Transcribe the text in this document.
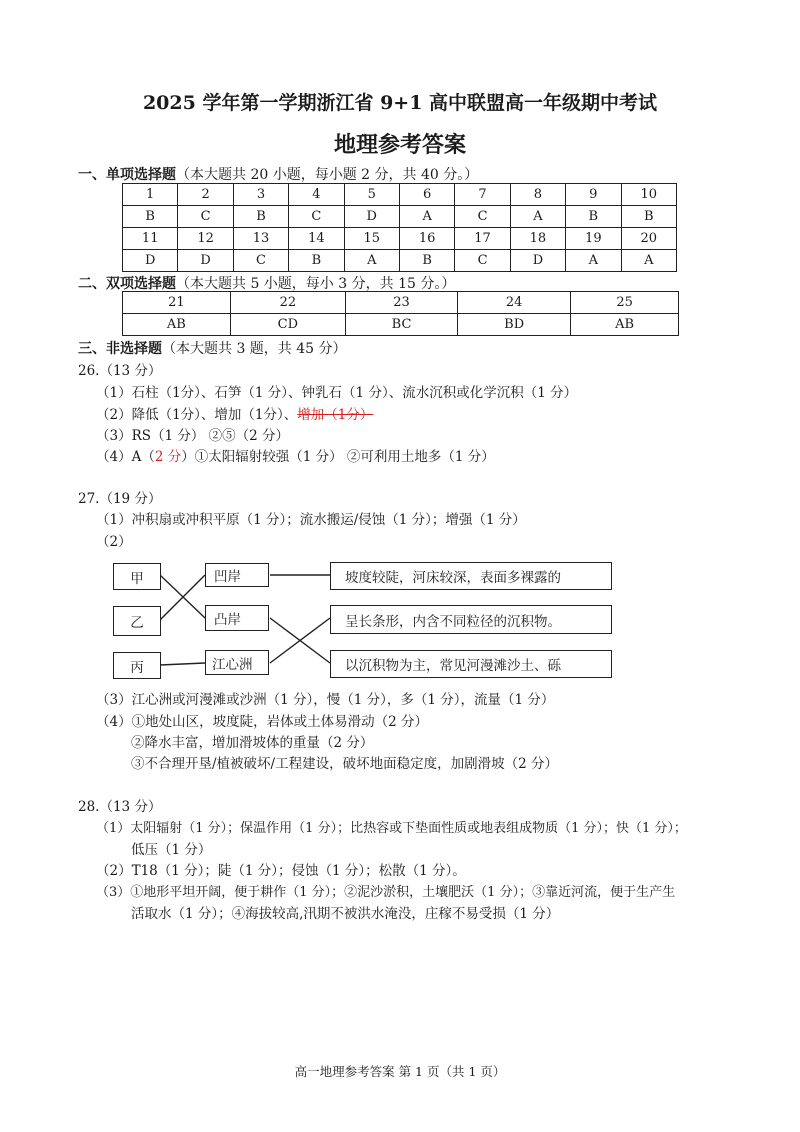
2025 学年第一学期浙江省 9+1 高中联盟高一年级期中考试
地理参考答案
一、单项选择题（本大题共 20 小题，每小题 2 分，共 40 分。）
1	2	3	4	5	6	7	8	9	10
B	C	B	C	D	A	C	A	B	B
11	12	13	14	15	16	17	18	19	20
D	D	C	B	A	B	C	D	A	A
二、双项选择题（本大题共 5 小题，每小 3 分，共 15 分。）
21	22	23	24	25
AB	CD	BC	BD	AB
三、非选择题（本大题共 3 题，共 45 分）
26.（13 分）
（1）石柱（1分）、石笋（1 分）、钟乳石（1 分）、流水沉积或化学沉积（1 分）
（2）降低（1分）、增加（1分）、增加（1分）
（3）RS（1 分） ②⑤（2 分）
（4）A（2 分）①太阳辐射较强（1 分） ②可利用土地多（1 分）
27.（19 分）
（1）冲积扇或冲积平原（1 分）；流水搬运/侵蚀（1 分）；增强（1 分）
（2）
甲
乙
丙
凹岸
凸岸
江心洲
坡度较陡，河床较深，表面多裸露的
呈长条形，内含不同粒径的沉积物。
以沉积物为主，常见河漫滩沙土、砾
（3）江心洲或河漫滩或沙洲（1 分），慢（1 分），多（1 分），流量（1 分）
（4）①地处山区，坡度陡，岩体或土体易滑动（2 分）
②降水丰富，增加滑坡体的重量（2 分）
③不合理开垦/植被破坏/工程建设，破坏地面稳定度，加剧滑坡（2 分）
28.（13 分）
（1）太阳辐射（1 分）；保温作用（1 分）；比热容或下垫面性质或地表组成物质（1 分）；快（1 分）；
低压（1 分）
（2）T18（1 分）；陡（1 分）；侵蚀（1 分）；松散（1 分）。
（3）①地形平坦开阔，便于耕作（1 分）；②泥沙淤积，土壤肥沃（1 分）；③靠近河流，便于生产生
活取水（1 分）；④海拔较高,汛期不被洪水淹没，庄稼不易受损（1 分）
高一地理参考答案 第 1 页（共 1 页）
